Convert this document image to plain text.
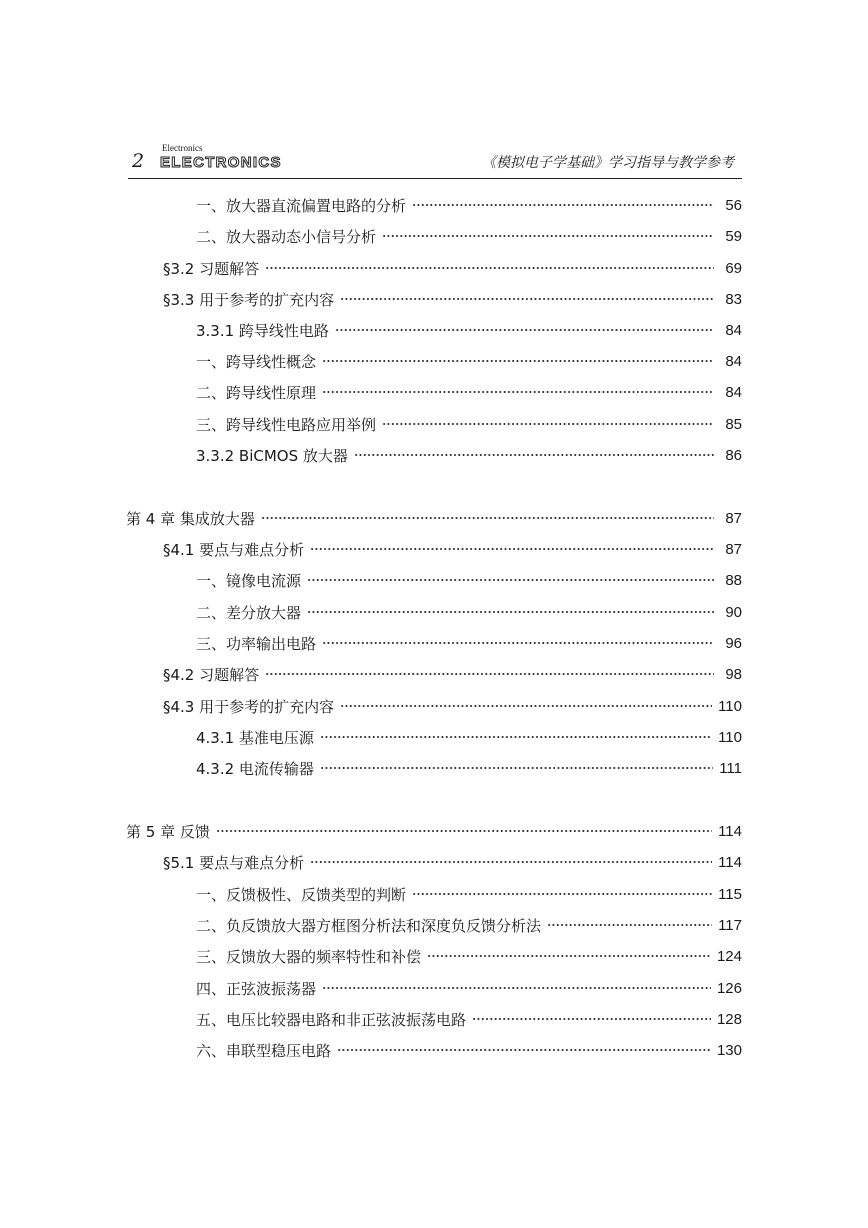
2
Electronics
ELECTRONICS	《模拟电子学基础》学习指导与教学参考
一、放大器直流偏置电路的分析	56
二、放大器动态小信号分析	59
§3.2 习题解答	69
§3.3 用于参考的扩充内容	83
3.3.1 跨导线性电路	84
一、跨导线性概念	84
二、跨导线性原理	84
三、跨导线性电路应用举例	85
3.3.2 BiCMOS 放大器	86
第 4 章 集成放大器	87
§4.1 要点与难点分析	87
一、镜像电流源	88
二、差分放大器	90
三、功率输出电路	96
§4.2 习题解答	98
§4.3 用于参考的扩充内容	110
4.3.1 基准电压源	110
4.3.2 电流传输器	111
第 5 章 反馈	114
§5.1 要点与难点分析	114
一、反馈极性、反馈类型的判断	115
二、负反馈放大器方框图分析法和深度负反馈分析法	117
三、反馈放大器的频率特性和补偿	124
四、正弦波振荡器	126
五、电压比较器电路和非正弦波振荡电路	128
六、串联型稳压电路	130
